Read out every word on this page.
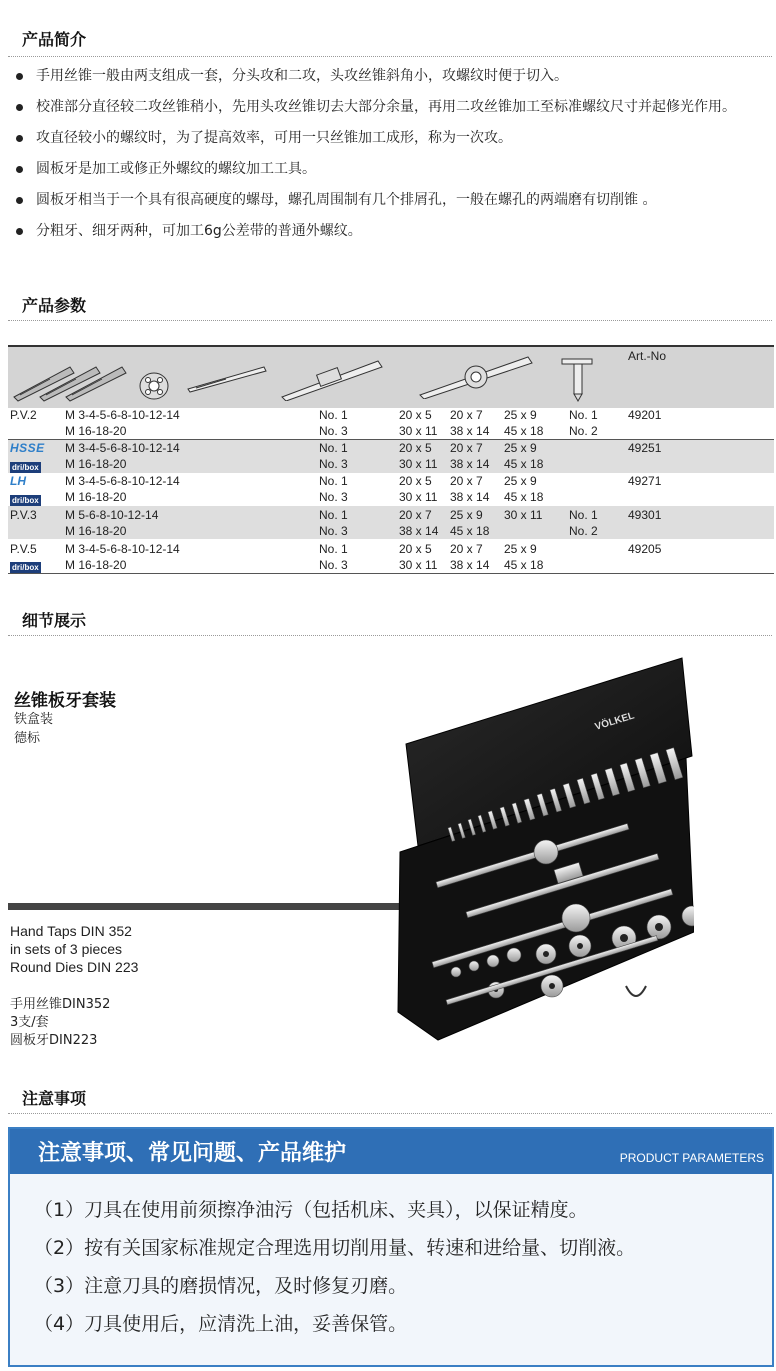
产品简介
手用丝锥一般由两支组成一套，分头攻和二攻，头攻丝锥斜角小，攻螺纹时便于切入。
校准部分直径较二攻丝锥稍小，先用头攻丝锥切去大部分余量，再用二攻丝锥加工至标准螺纹尺寸并起修光作用。
攻直径较小的螺纹时，为了提高效率，可用一只丝锥加工成形，称为一次攻。
圆板牙是加工或修正外螺纹的螺纹加工工具。
圆板牙相当于一个具有很高硬度的螺母，螺孔周围制有几个排屑孔，一般在螺孔的两端磨有切削锥 。
分粗牙、细牙两种，可加工6g公差带的普通外螺纹。
产品参数
Art.-No
P.V.2 M 3-4-5-6-8-10-12-14
M 16-18-20
No. 1
No. 3
20 x 5 20 x 7 25 x 9
30 x 11 38 x 14 45 x 18
No. 1
No. 2
49201
HSSE
dri/box
M 3-4-5-6-8-10-12-14
M 16-18-20
No. 1
No. 3
20 x 5 20 x 7 25 x 9
30 x 11 38 x 14 45 x 18
49251
LH
dri/box
M 3-4-5-6-8-10-12-14
M 16-18-20
No. 1
No. 3
20 x 5 20 x 7 25 x 9
30 x 11 38 x 14 45 x 18
49271
P.V.3 M 5-6-8-10-12-14
M 16-18-20
No. 1
No. 3
20 x 7 25 x 9 30 x 11
38 x 14 45 x 18
No. 1
No. 2
49301
P.V.5
dri/box
M 3-4-5-6-8-10-12-14
M 16-18-20
No. 1
No. 3
20 x 5 20 x 7 25 x 9
30 x 11 38 x 14 45 x 18
49205
细节展示
丝锥板牙套装
铁盒装
德标
Hand Taps DIN 352
in sets of 3 pieces
Round Dies DIN 223
手用丝锥DIN352
3支/套
圆板牙DIN223
VÖLKEL
注意事项
注意事项、常见问题、产品维护	PRODUCT PARAMETERS
（1）刀具在使用前须擦净油污（包括机床、夹具），以保证精度。
（2）按有关国家标准规定合理选用切削用量、转速和进给量、切削液。
（3）注意刀具的磨损情况，及时修复刃磨。
（4）刀具使用后，应清洗上油，妥善保管。
